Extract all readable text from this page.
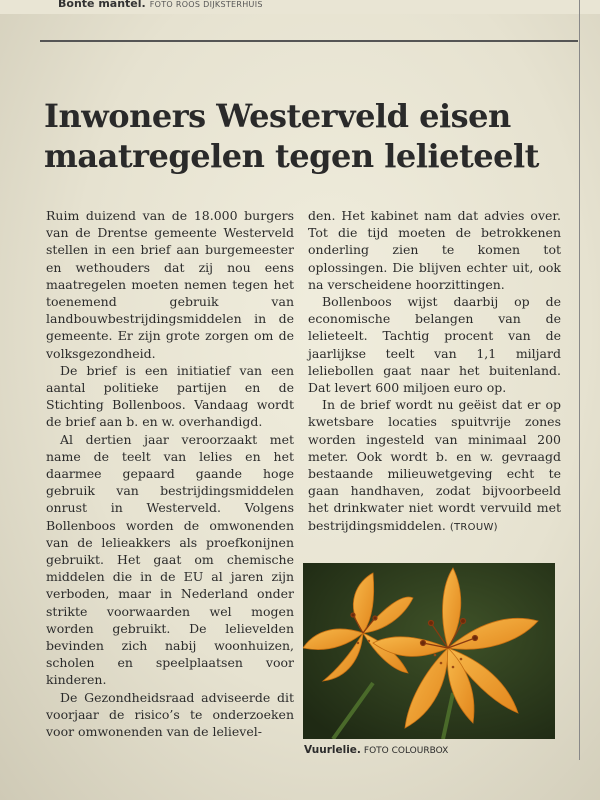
Bonte mantel. FOTO ROOS DIJKSTERHUIS
Inwoners Westerveld eisen maatregelen tegen lelieteelt

Ruim duizend van de 18.000 burgers van de Drentse gemeente Westerveld stellen in een brief aan burgemeester en wethouders dat zij nou eens maatregelen moeten nemen tegen het toenemend gebruik van landbouwbestrijdingsmiddelen in de gemeente. Er zijn grote zorgen om de volksgezondheid.

De brief is een initiatief van een aantal politieke partijen en de Stichting Bollenboos. Vandaag wordt de brief aan b. en w. overhandigd.

Al dertien jaar veroorzaakt met name de teelt van lelies en het daarmee gepaard gaande hoge gebruik van bestrijdingsmiddelen onrust in Westerveld. Volgens Bollenboos worden de omwonenden van de lelieakkers als proefkonijnen gebruikt. Het gaat om chemische middelen die in de EU al jaren zijn verboden, maar in Nederland onder strikte voorwaarden wel mogen worden gebruikt. De lelievelden bevinden zich nabij woonhuizen, scholen en speelplaatsen voor kinderen.

De Gezondheidsraad adviseerde dit voorjaar de risico’s te onderzoeken voor omwonenden van de lelievel-

den. Het kabinet nam dat advies over. Tot die tijd moeten de betrokkenen onderling zien te komen tot oplossingen. Die blijven echter uit, ook na verscheidene hoorzittingen.

Bollenboos wijst daarbij op de economische belangen van de lelieteelt. Tachtig procent van de jaarlijkse teelt van 1,1 miljard leliebollen gaat naar het buitenland. Dat levert 600 miljoen euro op.

In de brief wordt nu geëist dat er op kwetsbare locaties spuitvrije zones worden ingesteld van minimaal 200 meter. Ook wordt b. en w. gevraagd bestaande milieuwetgeving echt te gaan handhaven, zodat bijvoorbeeld het drinkwater niet wordt vervuild met bestrijdingsmiddelen. (TROUW)

Vuurlelie. FOTO COLOURBOX
